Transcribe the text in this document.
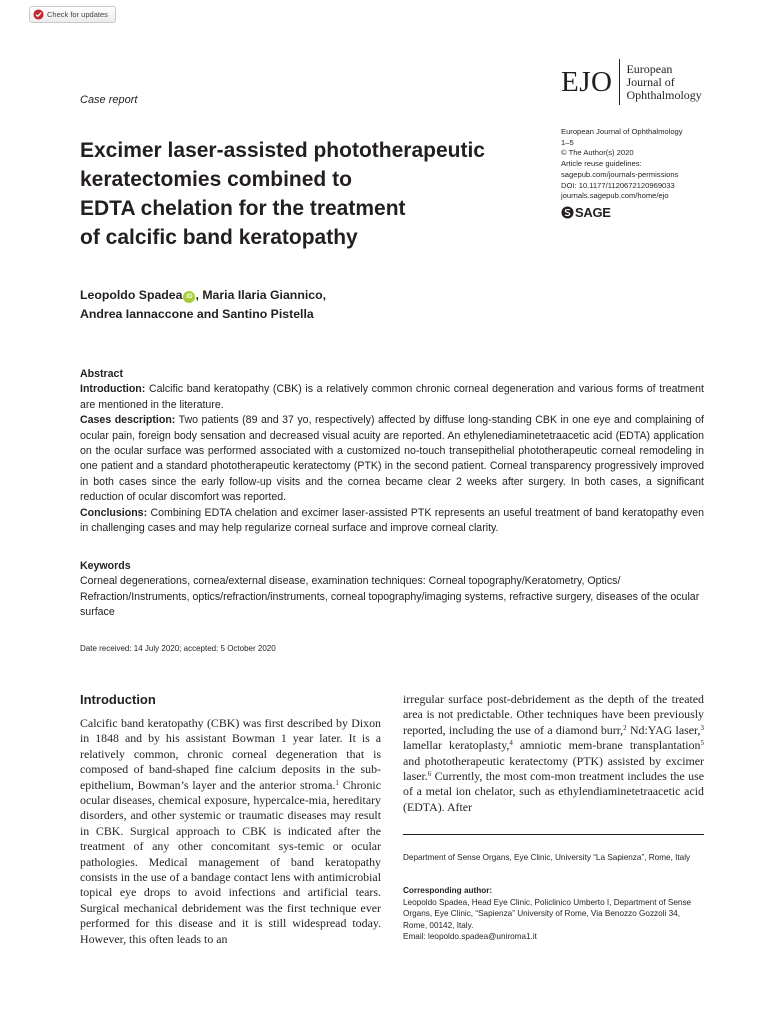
Check for updates
EJO	European
Journal of
Ophthalmology
Case report
European Journal of Ophthalmology
1–5
© The Author(s) 2020
Article reuse guidelines:
sagepub.com/journals-permissions
DOI: 10.1177/1120672120969033
journals.sagepub.com/home/ejo
SAGE
Excimer laser-assisted phototherapeutic
keratectomies combined to
EDTA chelation for the treatment
of calcific band keratopathy
Leopoldo Spadea iD , Maria Ilaria Giannico,
Andrea Iannaccone and Santino Pistella
Abstract
Introduction: Calcific band keratopathy (CBK) is a relatively common chronic corneal degeneration and various forms of treatment are mentioned in the literature.
Cases description: Two patients (89 and 37 yo, respectively) affected by diffuse long-standing CBK in one eye and complaining of ocular pain, foreign body sensation and decreased visual acuity are reported. An ethylenediaminetetraacetic acid (EDTA) application on the ocular surface was performed associated with a customized no-touch transepithelial phototherapeutic corneal remodeling in one patient and a standard phototherapeutic keratectomy (PTK) in the second patient. Corneal transparency progressively improved in both cases since the early follow-up visits and the cornea became clear 2 weeks after surgery. In both cases, a significant reduction of ocular discomfort was reported.
Conclusions: Combining EDTA chelation and excimer laser-assisted PTK represents an useful treatment of band keratopathy even in challenging cases and may help regularize corneal surface and improve corneal clarity.
Keywords
Corneal degenerations, cornea/external disease, examination techniques: Corneal topography/Keratometry, Optics/ Refraction/Instruments, optics/refraction/instruments, corneal topography/imaging systems, refractive surgery, diseases of the ocular surface
Date received: 14 July 2020; accepted: 5 October 2020
Introduction
Calcific band keratopathy (CBK) was first described by Dixon in 1848 and by his assistant Bowman 1 year later. It is a relatively common, chronic corneal degeneration that is composed of band-shaped fine calcium deposits in the sub-epithelium, Bowman’s layer and the anterior stroma.$^1$ Chronic ocular diseases, chemical exposure, hypercalce-mia, hereditary disorders, and other systemic or traumatic diseases may result in CBK. Surgical approach to CBK is indicated after the treatment of any other concomitant sys-temic or ocular pathologies. Medical management of band keratopathy consists in the use of a bandage contact lens with antimicrobial topical eye drops to avoid infections and artificial tears. Surgical mechanical debridement was the first technique ever performed for this disease and it is still widespread today. However, this often leads to an
irregular surface post-debridement as the depth of the treated area is not predictable. Other techniques have been previously reported, including the use of a diamond burr,$^2$ Nd:YAG laser,$^3$ lamellar keratoplasty,$^4$ amniotic mem-brane transplantation$^5$ and phototherapeutic keratectomy (PTK) assisted by excimer laser.$^6$ Currently, the most com-mon treatment includes the use of a metal ion chelator, such as ethylendiaminetetraacetic acid (EDTA). After
Department of Sense Organs, Eye Clinic, University “La Sapienza”, Rome, Italy
Corresponding author:
Leopoldo Spadea, Head Eye Clinic, Policlinico Umberto I, Department of Sense Organs, Eye Clinic, “Sapienza” University of Rome, Via Benozzo Gozzoli 34, Rome, 00142, Italy.
Email: leopoldo.spadea@uniroma1.it
